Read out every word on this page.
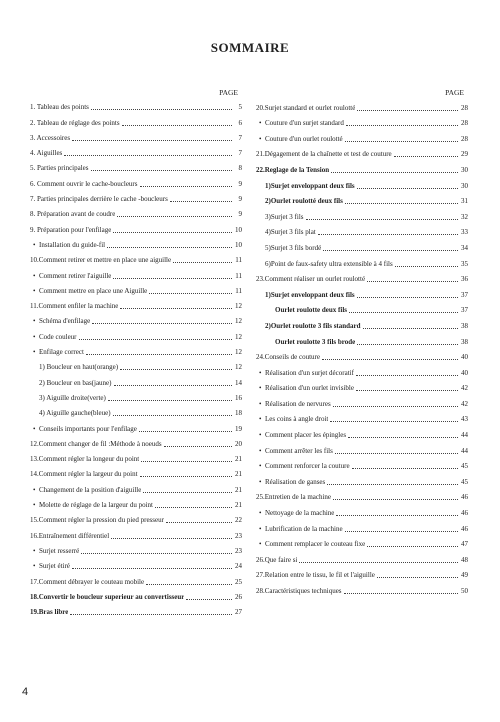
SOMMAIRE
PAGE
1. Tableau des points	5
2. Tableau de réglage des points	6
3. Accessoires	7
4. Aiguilles	7
5. Parties principales	8
6. Comment ouvrir le cache-boucleurs	9
7. Parties principales derrière le cache -boucleurs	9
8. Préparation avant de coudre	9
9. Préparation pour l'enfilage	10
• Installation du guide-fil	10
10.Comment retirer et mettre en place une aiguille	11
• Comment retirer l'aiguille	11
• Comment mettre en place une Aiguille	11
11.Comment enfiler la machine	12
• Schéma d'enfilage	12
• Code couleur	12
• Enfilage correct	12
1) Boucleur en haut(orange)	12
2) Boucleur en bas(jaune)	14
3) Aiguille droite(verte)	16
4) Aiguille gauche(bleue)	18
• Conseils importants pour l'enfilage	19
12.Comment changer de fil :Méthode à noeuds	20
13.Comment régler la longeur du point	21
14.Comment régler la largeur du point	21
• Changement de la position d'aiguille	21
• Molette de réglage de la largeur du point	21
15.Comment régler la pression du pied presseur	22
16.Entraînement différentiel	23
• Surjet resserré	23
• Surjet étiré	24
17.Comment débrayer le couteau mobile	25
18.Convertir le boucleur superieur au convertisseur	26
19.Bras libre	27
PAGE
20.Surjet standard et ourlet roulotté	28
• Couture d'un surjet standard	28
• Couture d'un ourlet roulotté	28
21.Dégagement de la chaînette et test de couture	29
22.Reglage de la Tension	30
1)Surjet enveloppant deux fils	30
2)Ourlet roulotté deux fils	31
3)Surjet 3 fils	32
4)Surjet 3 fils plat	33
5)Surjet 3 fils bordé	34
6)Point de faux-safety ultra extensible à 4 fils	35
23.Comment réaliser un ourlet roulotté	36
1)Surjet enveloppant deux fils	37
Ourlet roulotte deux fils	37
2)Ourlet roulotte 3 fils standard	38
Ourlet roulotte 3 fils brode	38
24.Conseils de couture	40
• Réalisation d'un surjet décoratif	40
• Réalisation d'un ourlet invisible	42
• Réalisation de nervures	42
• Les coins à angle droit	43
• Comment placer les épingles	44
• Comment arrêter les fils	44
• Comment renforcer la couture	45
• Réalisation de ganses	45
25.Entretien de la machine	46
• Nettoyage de la machine	46
• Lubrification de la machine	46
• Comment remplacer le couteau fixe	47
26.Que faire si	48
27.Relation entre le tissu, le fil et l'aiguille	49
28.Caractéristiques techniques	50
4
